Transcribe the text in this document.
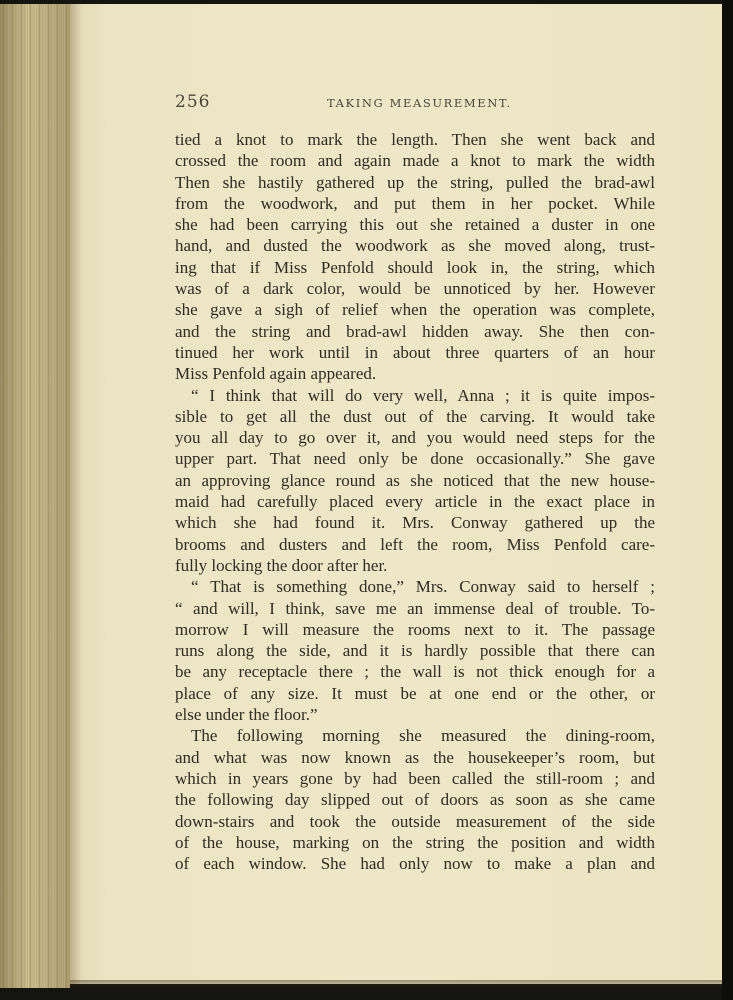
256	TAKING MEASUREMENT.
tied a knot to mark the length. Then she went back and
crossed the room and again made a knot to mark the width
Then she hastily gathered up the string, pulled the brad-awl
from the woodwork, and put them in her pocket. While
she had been carrying this out she retained a duster in one
hand, and dusted the woodwork as she moved along, trust-
ing that if Miss Penfold should look in, the string, which
was of a dark color, would be unnoticed by her. However
she gave a sigh of relief when the operation was complete,
and the string and brad-awl hidden away. She then con-
tinued her work until in about three quarters of an hour
Miss Penfold again appeared.
“ I think that will do very well, Anna ; it is quite impos-
sible to get all the dust out of the carving. It would take
you all day to go over it, and you would need steps for the
upper part. That need only be done occasionally.” She gave
an approving glance round as she noticed that the new house-
maid had carefully placed every article in the exact place in
which she had found it. Mrs. Conway gathered up the
brooms and dusters and left the room, Miss Penfold care-
fully locking the door after her.
“ That is something done,” Mrs. Conway said to herself ;
“ and will, I think, save me an immense deal of trouble. To-
morrow I will measure the rooms next to it. The passage
runs along the side, and it is hardly possible that there can
be any receptacle there ; the wall is not thick enough for a
place of any size. It must be at one end or the other, or
else under the floor.”
The following morning she measured the dining-room,
and what was now known as the housekeeper’s room, but
which in years gone by had been called the still-room ; and
the following day slipped out of doors as soon as she came
down-stairs and took the outside measurement of the side
of the house, marking on the string the position and width
of each window. She had only now to make a plan and
